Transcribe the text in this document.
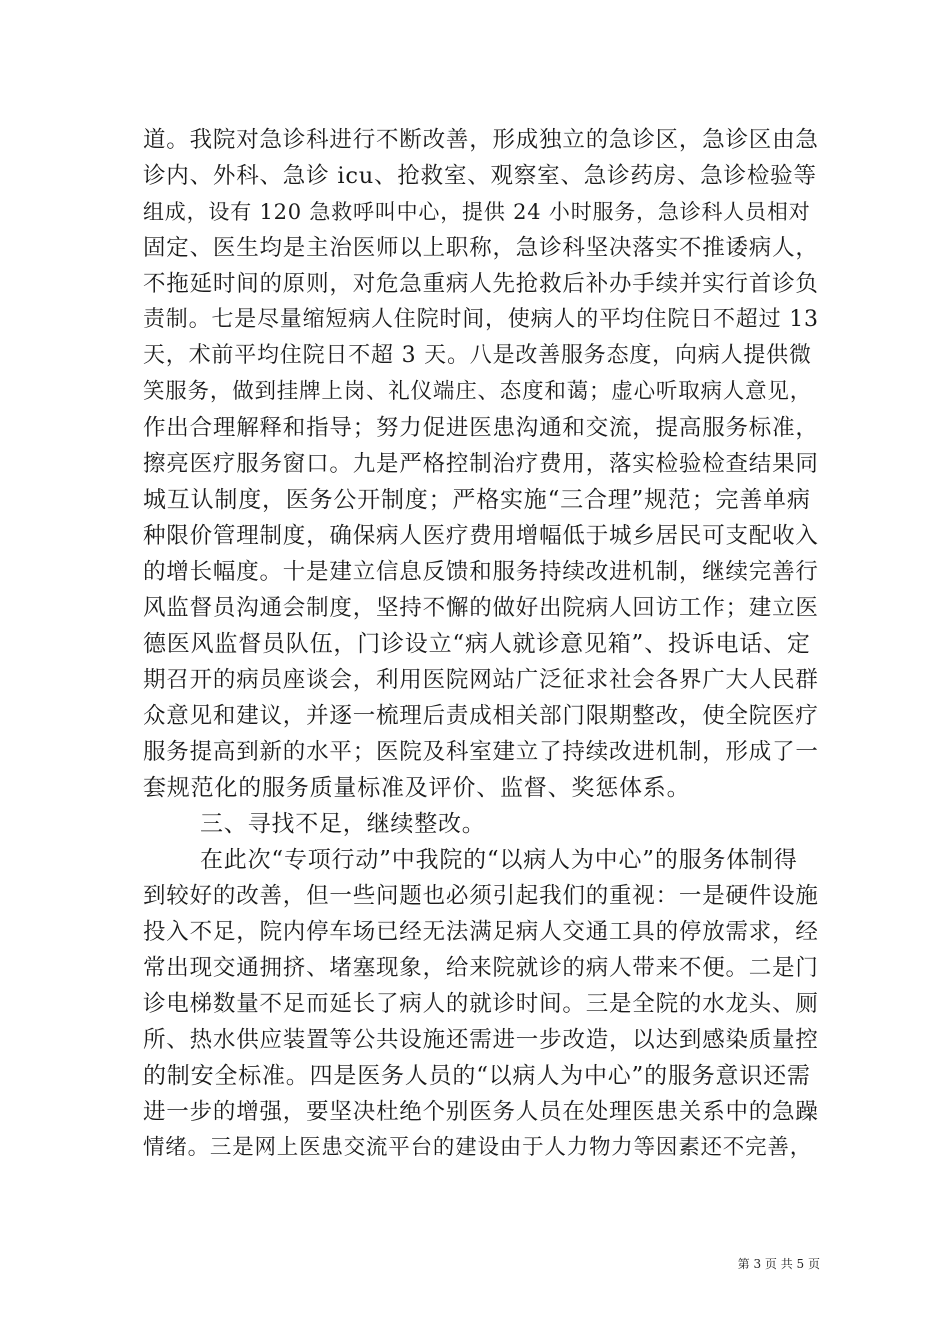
道。我院对急诊科进行不断改善，形成独立的急诊区，急诊区由急
诊内、外科、急诊 icu、抢救室、观察室、急诊药房、急诊检验等
组成，设有 120 急救呼叫中心，提供 24 小时服务，急诊科人员相对
固定、医生均是主治医师以上职称，急诊科坚决落实不推诿病人，
不拖延时间的原则，对危急重病人先抢救后补办手续并实行首诊负
责制。七是尽量缩短病人住院时间，使病人的平均住院日不超过 13
天，术前平均住院日不超 3 天。八是改善服务态度，向病人提供微
笑服务，做到挂牌上岗、礼仪端庄、态度和蔼；虚心听取病人意见，
作出合理解释和指导；努力促进医患沟通和交流，提高服务标准，
擦亮医疗服务窗口。九是严格控制治疗费用，落实检验检查结果同
城互认制度，医务公开制度；严格实施“三合理”规范；完善单病
种限价管理制度，确保病人医疗费用增幅低于城乡居民可支配收入
的增长幅度。十是建立信息反馈和服务持续改进机制，继续完善行
风监督员沟通会制度，坚持不懈的做好出院病人回访工作；建立医
德医风监督员队伍，门诊设立“病人就诊意见箱”、投诉电话、定
期召开的病员座谈会，利用医院网站广泛征求社会各界广大人民群
众意见和建议，并逐一梳理后责成相关部门限期整改，使全院医疗
服务提高到新的水平；医院及科室建立了持续改进机制，形成了一
套规范化的服务质量标准及评价、监督、奖惩体系。
三、寻找不足，继续整改。
在此次“专项行动”中我院的“以病人为中心”的服务体制得
到较好的改善，但一些问题也必须引起我们的重视：一是硬件设施
投入不足，院内停车场已经无法满足病人交通工具的停放需求，经
常出现交通拥挤、堵塞现象，给来院就诊的病人带来不便。二是门
诊电梯数量不足而延长了病人的就诊时间。三是全院的水龙头、厕
所、热水供应装置等公共设施还需进一步改造，以达到感染质量控
的制安全标准。四是医务人员的“以病人为中心”的服务意识还需
进一步的增强，要坚决杜绝个别医务人员在处理医患关系中的急躁
情绪。三是网上医患交流平台的建设由于人力物力等因素还不完善，
第 3 页 共 5 页
